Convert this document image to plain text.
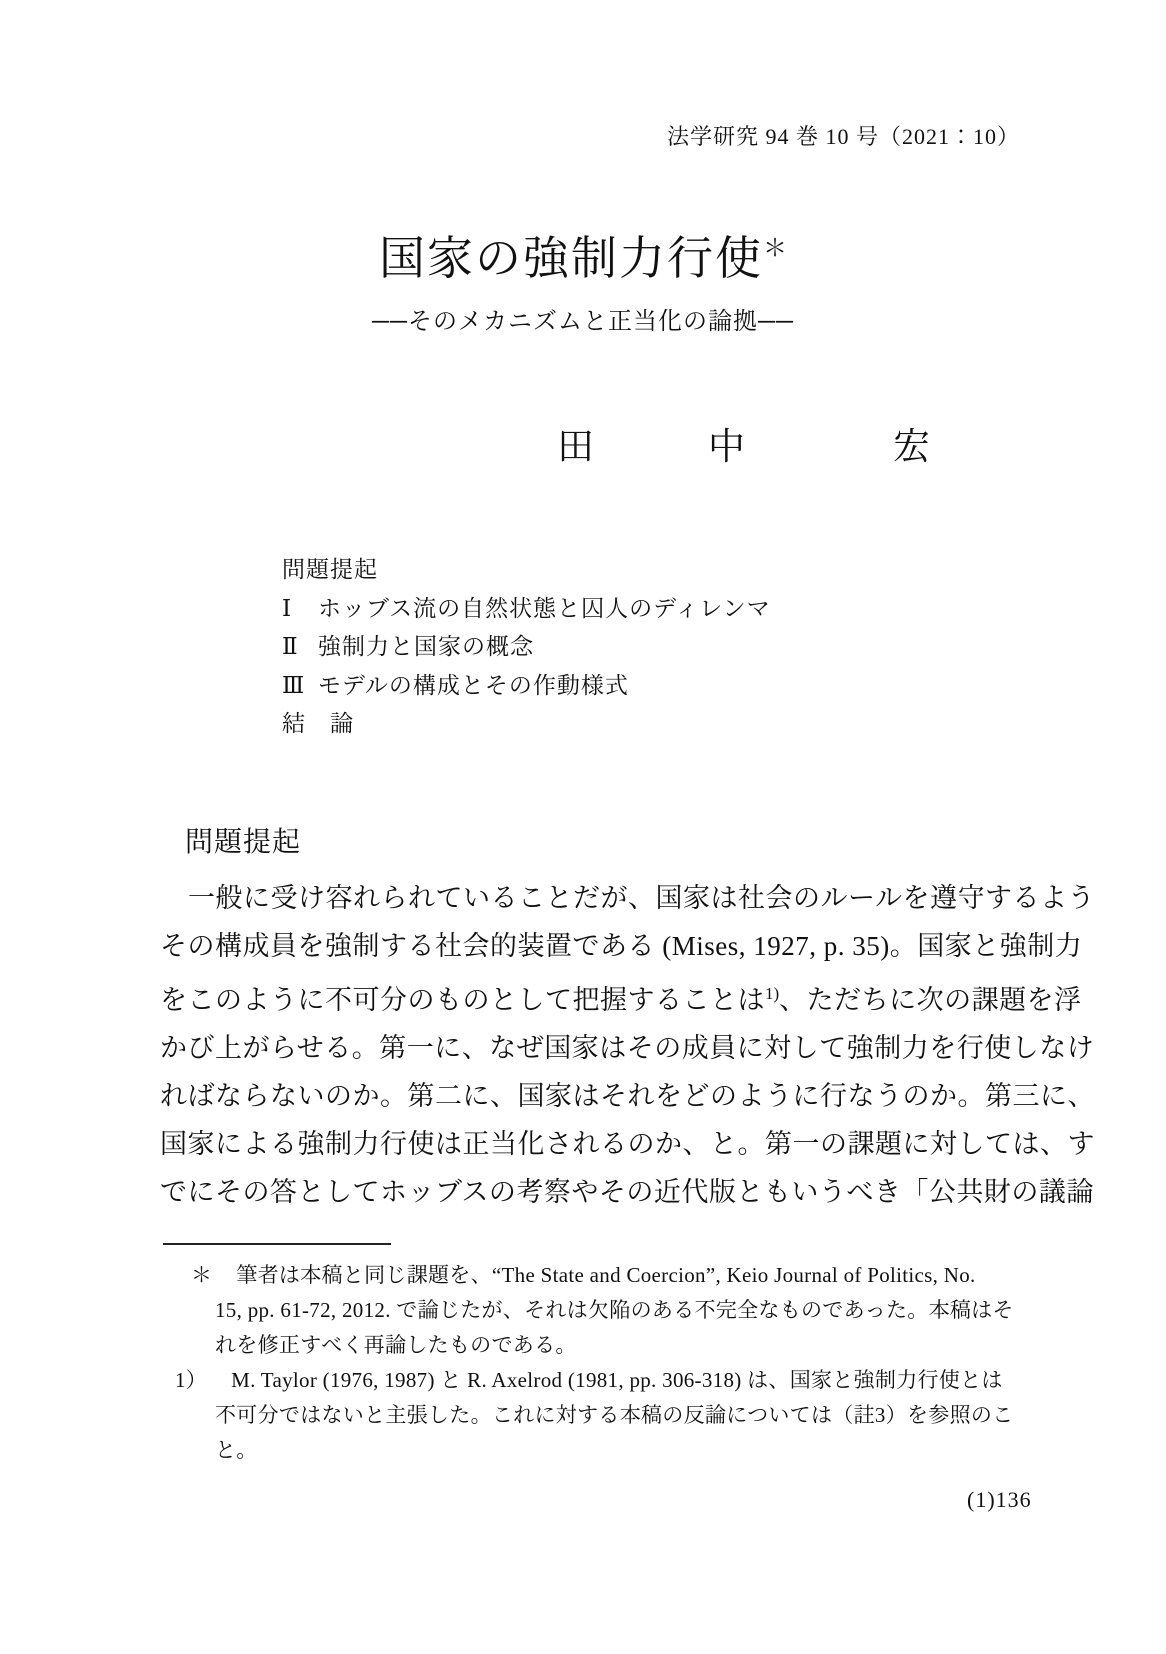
法学研究 94 巻 10 号（2021：10）
国家の強制力行使＊
──そのメカニズムと正当化の論拠──
田	中	宏
問題提起
Ⅰ ホッブス流の自然状態と囚人のディレンマ
Ⅱ 強制力と国家の概念
Ⅲ モデルの構成とその作動様式
結　論
問題提起
一般に受け容れられていることだが、国家は社会のルールを遵守するよう
その構成員を強制する社会的装置である (Mises, 1927, p. 35)。国家と強制力
をこのように不可分のものとして把握することは$^{1)}$、ただちに次の課題を浮
かび上がらせる。第一に、なぜ国家はその成員に対して強制力を行使しなけ
ればならないのか。第二に、国家はそれをどのように行なうのか。第三に、
国家による強制力行使は正当化されるのか、と。第一の課題に対しては、す
でにその答としてホッブスの考察やその近代版ともいうべき「公共財の議論
＊ 筆者は本稿と同じ課題を、“The State and Coercion”, Keio Journal of Politics, No.
15, pp. 61-72, 2012. で論じたが、それは欠陥のある不完全なものであった。本稿はそ
れを修正すべく再論したものである。
1） M. Taylor (1976, 1987) と R. Axelrod (1981, pp. 306-318) は、国家と強制力行使とは
不可分ではないと主張した。これに対する本稿の反論については（註3）を参照のこ
と。
(1)136
